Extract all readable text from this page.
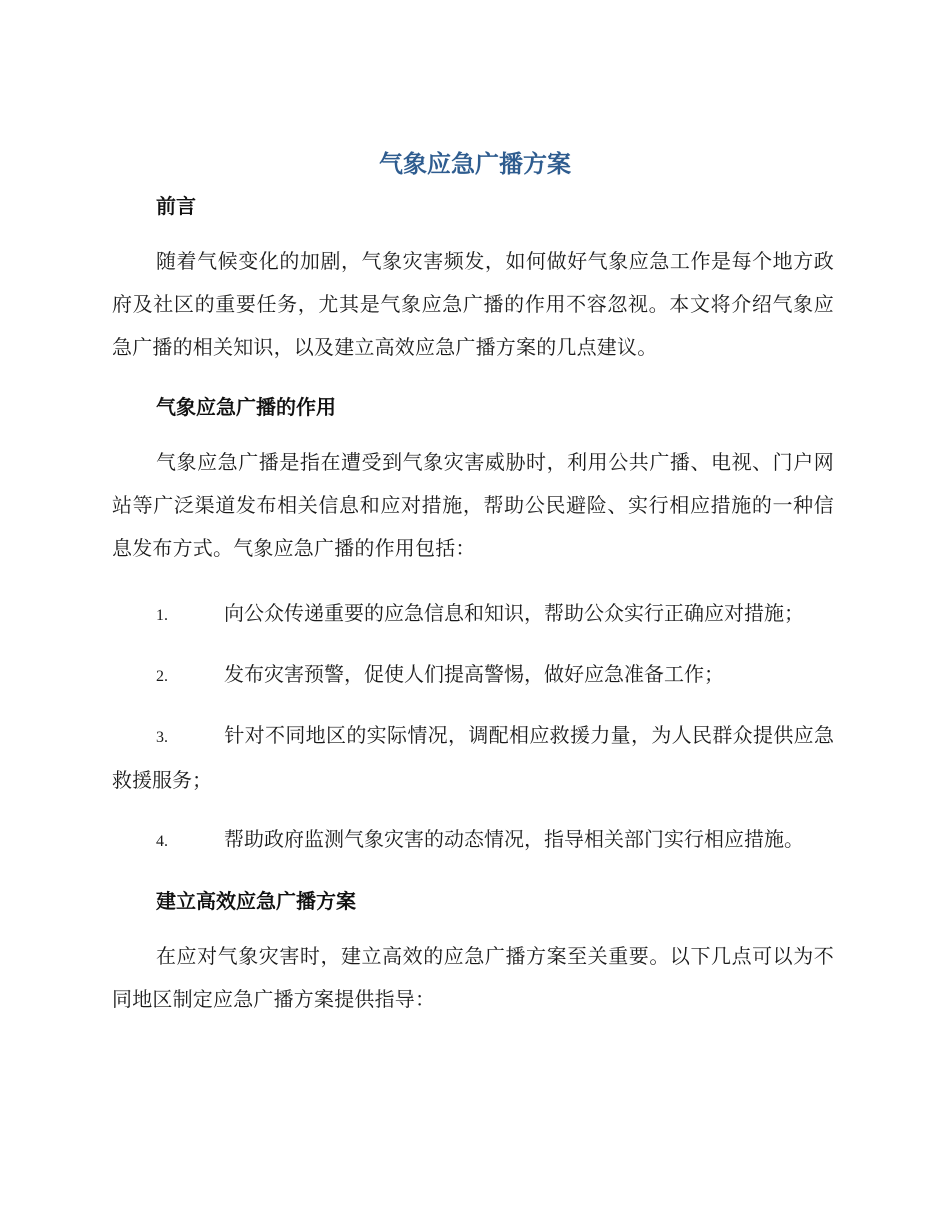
气象应急广播方案
前言

随着气候变化的加剧，气象灾害频发，如何做好气象应急工作是每个地方政府及社区的重要任务，尤其是气象应急广播的作用不容忽视。本文将介绍气象应急广播的相关知识，以及建立高效应急广播方案的几点建议。

气象应急广播的作用

气象应急广播是指在遭受到气象灾害威胁时，利用公共广播、电视、门户网站等广泛渠道发布相关信息和应对措施，帮助公民避险、实行相应措施的一种信息发布方式。气象应急广播的作用包括：

1.	向公众传递重要的应急信息和知识，帮助公众实行正确应对措施；

2.	发布灾害预警，促使人们提高警惕，做好应急准备工作；

3.	针对不同地区的实际情况，调配相应救援力量，为人民群众提供应急救援服务；

4.	帮助政府监测气象灾害的动态情况，指导相关部门实行相应措施。

建立高效应急广播方案

在应对气象灾害时，建立高效的应急广播方案至关重要。以下几点可以为不同地区制定应急广播方案提供指导：
